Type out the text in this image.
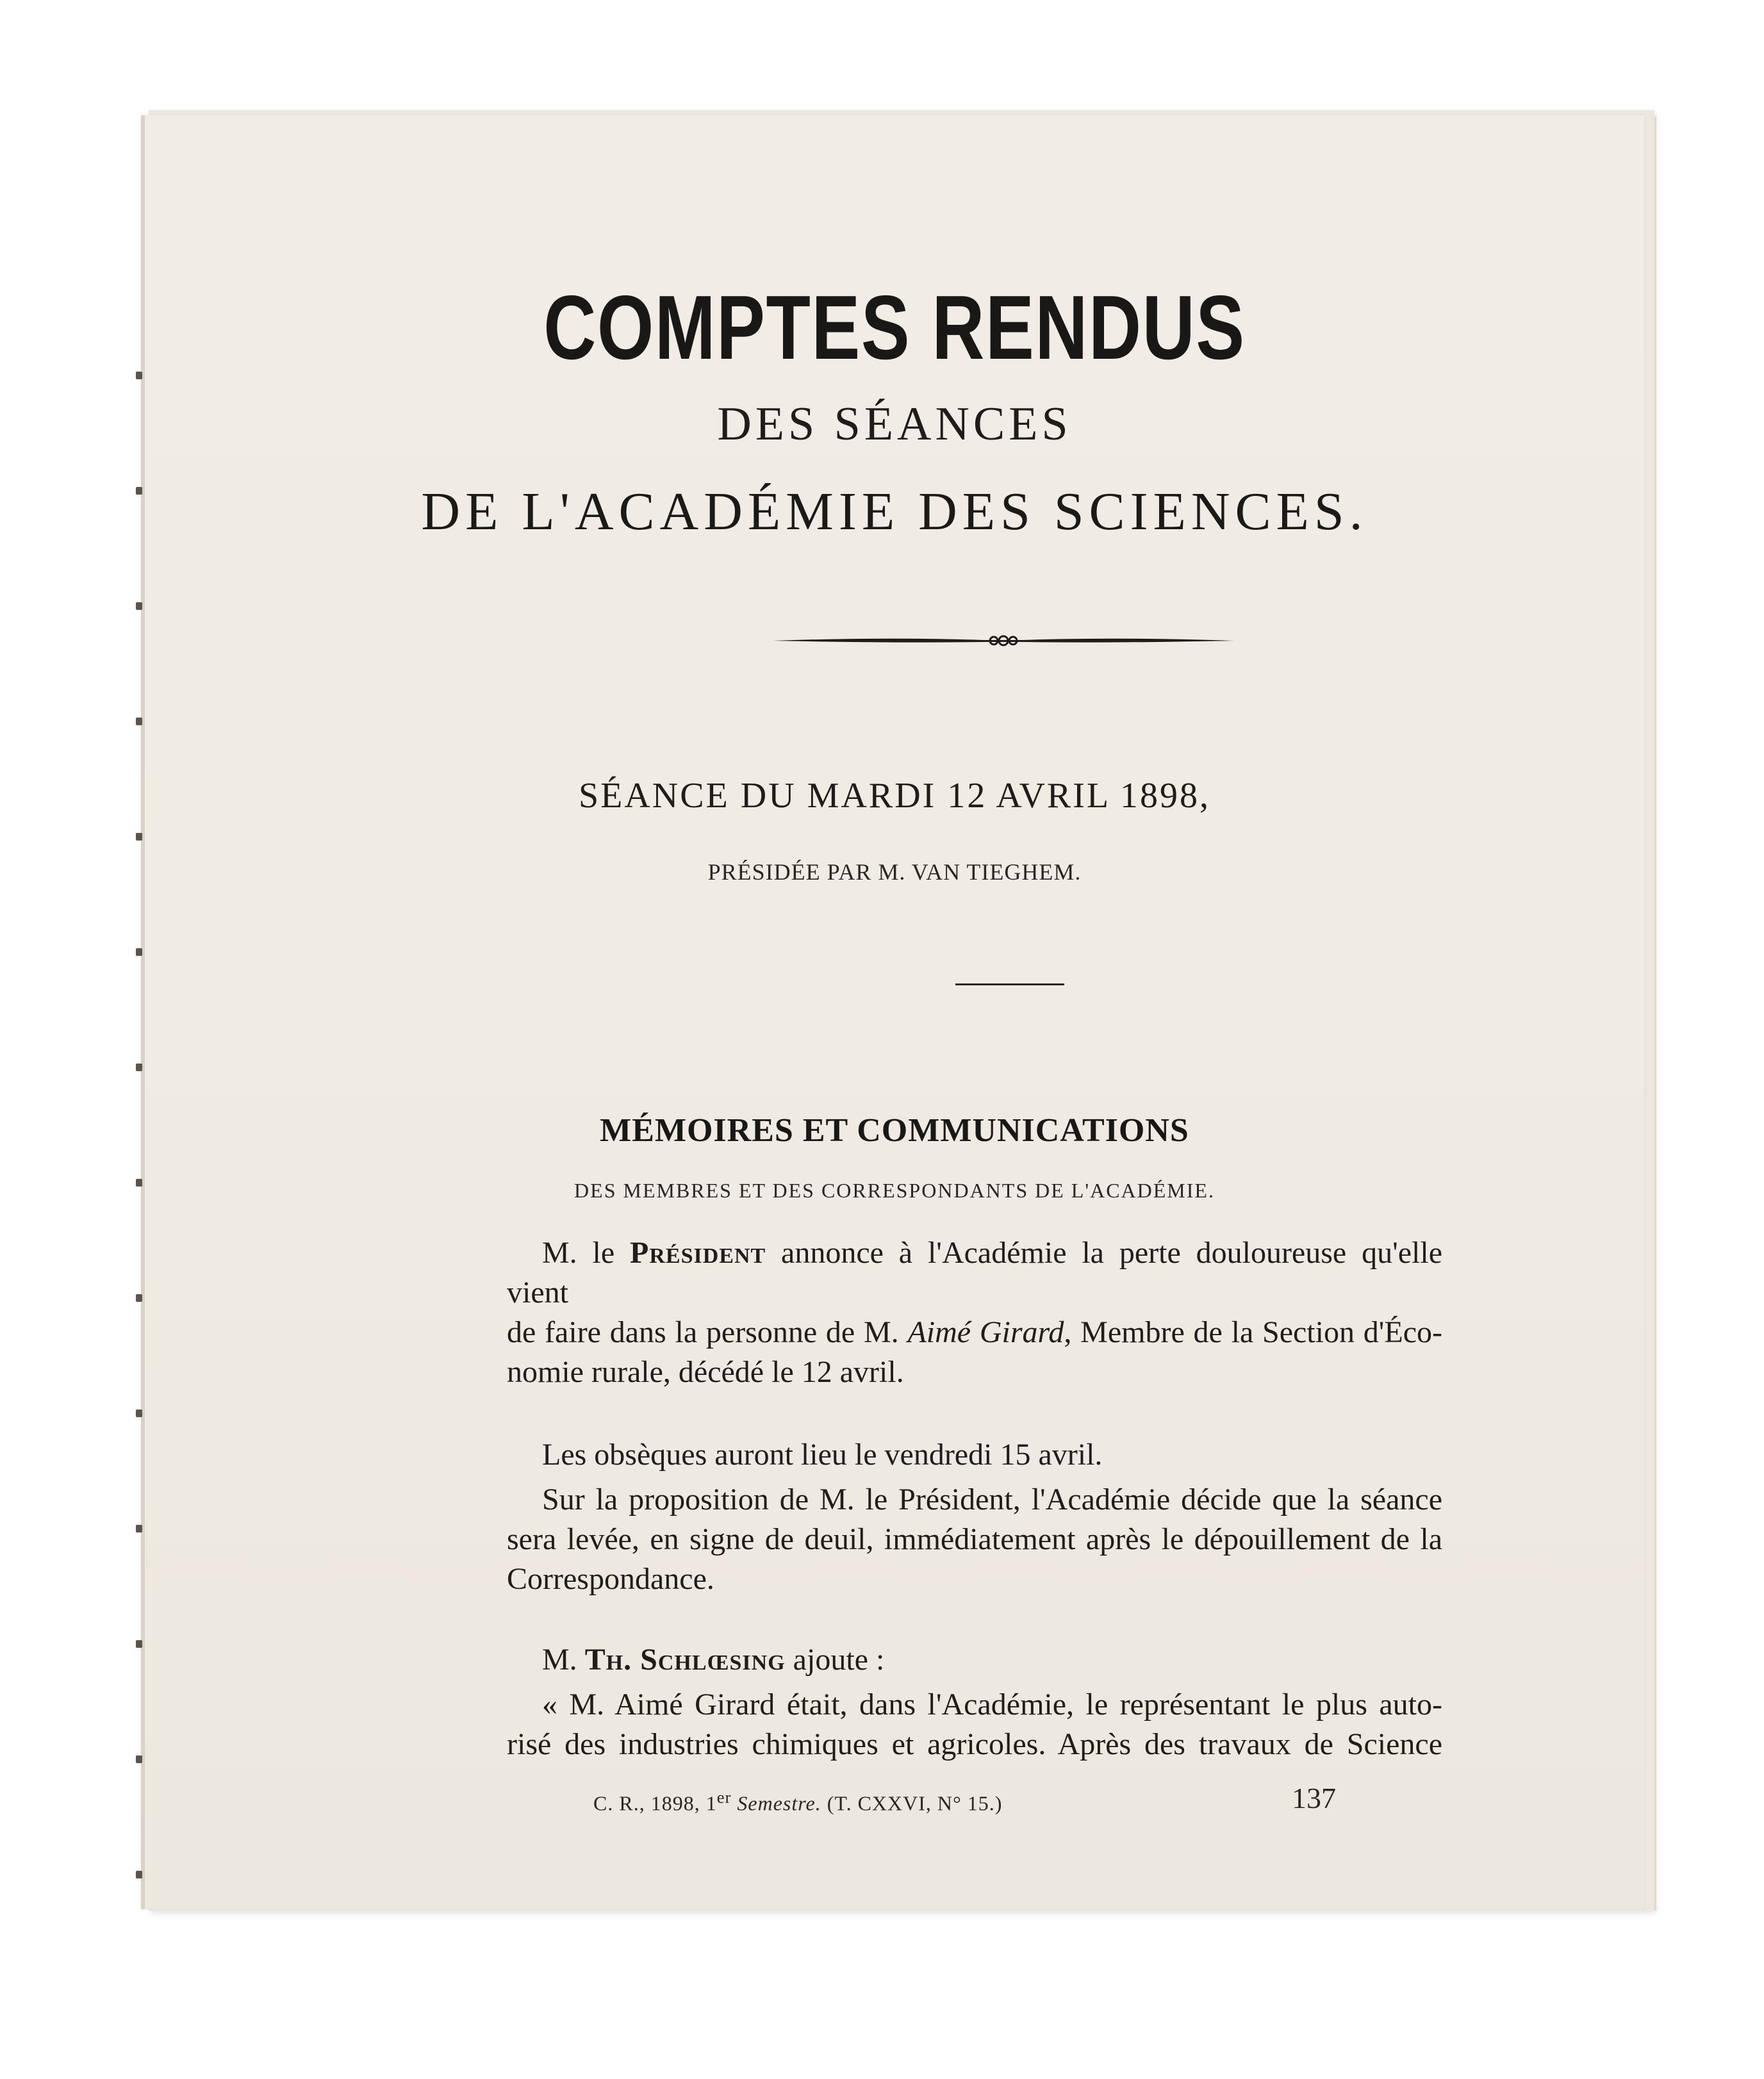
COMPTES RENDUS
DES SÉANCES
DE L'ACADÉMIE DES SCIENCES.
SÉANCE DU MARDI 12 AVRIL 1898,
PRÉSIDÉE PAR M. VAN TIEGHEM.
MÉMOIRES ET COMMUNICATIONS
DES MEMBRES ET DES CORRESPONDANTS DE L'ACADÉMIE.
M. le Président annonce à l'Académie la perte douloureuse qu'elle vient
de faire dans la personne de M. Aimé Girard, Membre de la Section d'Éco-
nomie rurale, décédé le 12 avril.
Les obsèques auront lieu le vendredi 15 avril.
Sur la proposition de M. le Président, l'Académie décide que la séance
sera levée, en signe de deuil, immédiatement après le dépouillement de la
Correspondance.
M. Th. Schlœsing ajoute :
« M. Aimé Girard était, dans l'Académie, le représentant le plus auto-
risé des industries chimiques et agricoles. Après des travaux de Science
C. R., 1898, 1er Semestre. (T. CXXVI, N° 15.)	137
